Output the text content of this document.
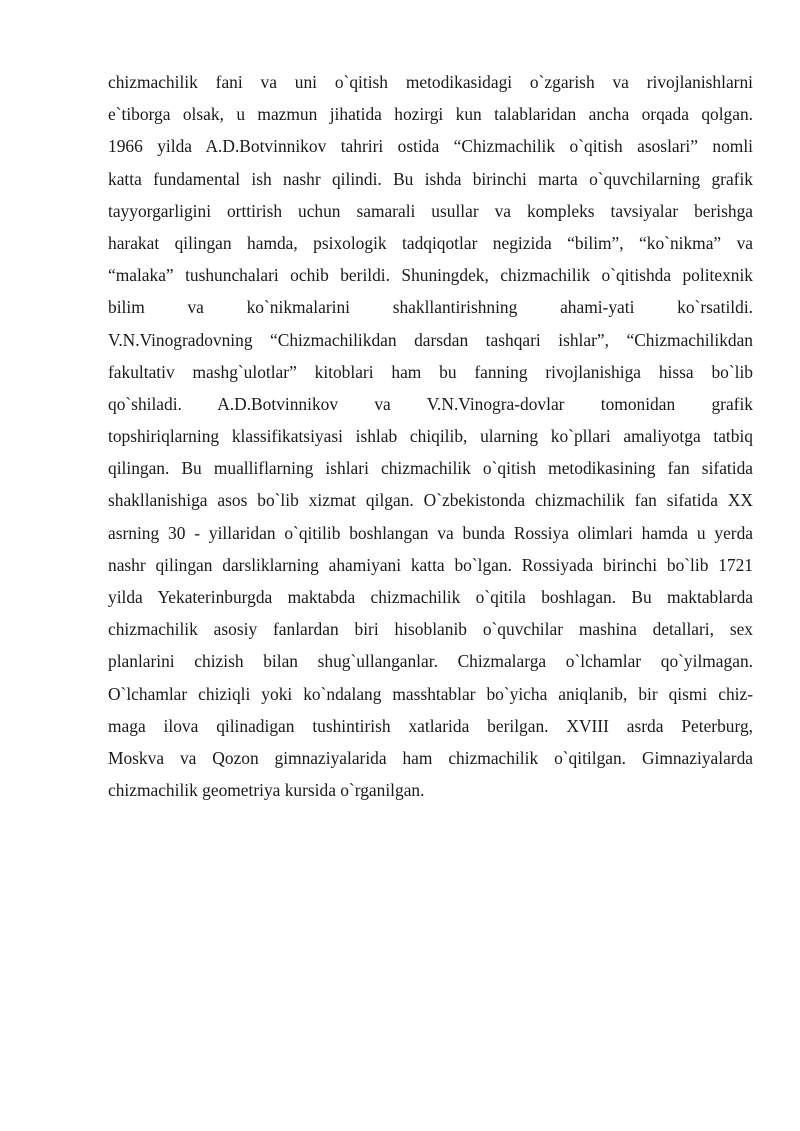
chizmachilik fani va uni o`qitish metodikasidagi o`zgarish va rivojlanishlarni
e`tiborga olsak, u mazmun jihatida hozirgi kun talablaridan ancha orqada qolgan.
1966 yilda A.D.Botvinnikov tahriri ostida “Chizmachilik o`qitish asoslari” nomli
katta fundamental ish nashr qilindi. Bu ishda birinchi marta o`quvchilarning grafik
tayyorgarligini orttirish uchun samarali usullar va kompleks tavsiyalar berishga
harakat qilingan hamda, psixologik tadqiqotlar negizida “bilim”, “ko`nikma” va
“malaka” tushunchalari ochib berildi. Shuningdek, chizmachilik o`qitishda politexnik
bilim va ko`nikmalarini shakllantirishning ahami-yati ko`rsatildi.
V.N.Vinogradovning “Chizmachilikdan darsdan tashqari ishlar”, “Chizmachilikdan
fakultativ mashg`ulotlar” kitoblari ham bu fanning rivojlanishiga hissa bo`lib
qo`shiladi. A.D.Botvinnikov va V.N.Vinogra-dovlar tomonidan grafik
topshiriqlarning klassifikatsiyasi ishlab chiqilib, ularning ko`pllari amaliyotga tatbiq
qilingan. Bu mualliflarning ishlari chizmachilik o`qitish metodikasining fan sifatida
shakllanishiga asos bo`lib xizmat qilgan. O`zbekistonda chizmachilik fan sifatida XX
asrning 30 - yillaridan o`qitilib boshlangan va bunda Rossiya olimlari hamda u yerda
nashr qilingan darsliklarning ahamiyani katta bo`lgan. Rossiyada birinchi bo`lib 1721
yilda Yekaterinburgda maktabda chizmachilik o`qitila boshlagan. Bu maktablarda
chizmachilik asosiy fanlardan biri hisoblanib o`quvchilar mashina detallari, sex
planlarini chizish bilan shug`ullanganlar. Chizmalarga o`lchamlar qo`yilmagan.
O`lchamlar chiziqli yoki ko`ndalang masshtablar bo`yicha aniqlanib, bir qismi chiz-
maga ilova qilinadigan tushintirish xatlarida berilgan. XVIII asrda Peterburg,
Moskva va Qozon gimnaziyalarida ham chizmachilik o`qitilgan. Gimnaziyalarda
chizmachilik geometriya kursida o`rganilgan.
